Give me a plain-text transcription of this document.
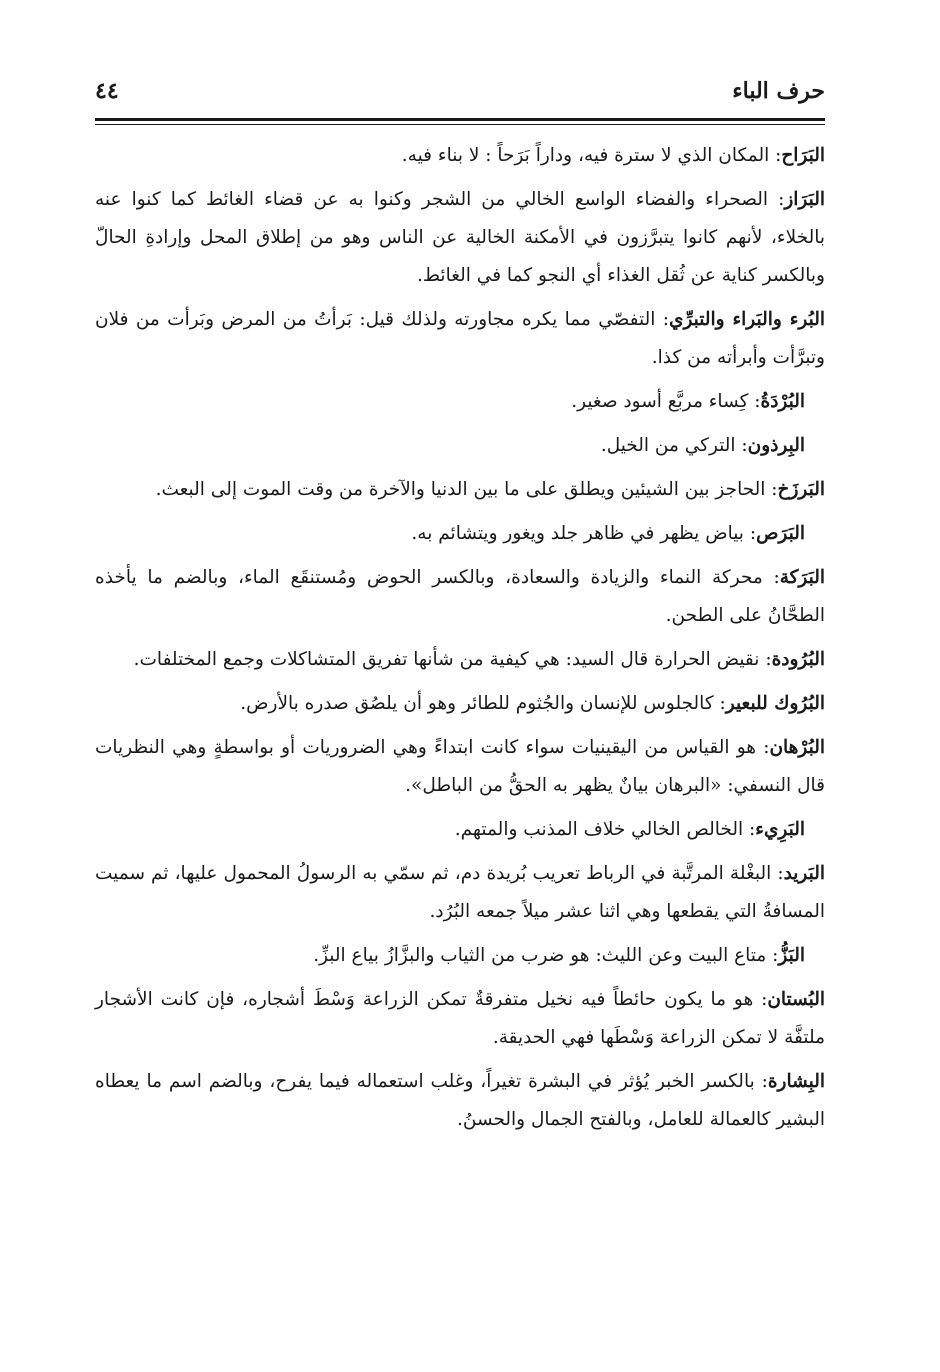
حرف الباء
٤٤

البَرَاح: المكان الذي لا سترة فيه، وداراً بَرَحاً : لا بناء فيه.

البَرَاز: الصحراء والفضاء الواسع الخالي من الشجر وكنوا به عن قضاء الغائط كما كنوا عنه بالخلاء، لأنهم كانوا يتبرَّزون في الأمكنة الخالية عن الناس وهو من إطلاق المحل وإرادةِ الحالّ وبالكسر كناية عن ثُقل الغذاء أي النجو كما في الغائط.

البُرء والبَراء والتبرِّي: التفصّي مما يكره مجاورته ولذلك قيل: بَرأتُ من المرض وبَرأت من فلان وتبرَّأت وأبرأته من كذا.

البُرْدَةُ: كِساء مربَّع أسود صغير.

البِرذون: التركي من الخيل.

البَرزَخ: الحاجز بين الشيئين ويطلق على ما بين الدنيا والآخرة من وقت الموت إلى البعث.

البَرَص: بياض يظهر في ظاهر جلد ويغور ويتشائم به.

البَرَكة: محركة النماء والزيادة والسعادة، وبالكسر الحوض ومُستنقَع الماء، وبالضم ما يأخذه الطحَّانُ على الطحن.

البُرُودة: نقيض الحرارة قال السيد: هي كيفية من شأنها تفريق المتشاكلات وجمع المختلفات.

البُرُوك للبعير: كالجلوس للإنسان والجُثوم للطائر وهو أن يلصُق صدره بالأرض.

البُرْهان: هو القياس من اليقينيات سواء كانت ابتداءً وهي الضروريات أو بواسطةٍ وهي النظريات قال النسفي: «البرهان بيانٌ يظهر به الحقُّ من الباطل».

البَرِيء: الخالص الخالي خلاف المذنب والمتهم.

البَريد: البغْلة المرتَّبة في الرباط تعريب بُريدة دم، ثم سمّي به الرسولُ المحمول عليها، ثم سميت المسافةُ التي يقطعها وهي اثنا عشر ميلاً جمعه البُرُد.

البَزُّ: متاع البيت وعن الليث: هو ضرب من الثياب والبزَّازُ بياع البزِّ.

البُستان: هو ما يكون حائطاً فيه نخيل متفرقةٌ تمكن الزراعة وَسْطَ أشجاره، فإن كانت الأشجار ملتفَّة لا تمكن الزراعة وَسْطَها فهي الحديقة.

البِشارة: بالكسر الخبر يُؤثر في البشرة تغيراً، وغلب استعماله فيما يفرح، وبالضم اسم ما يعطاه البشير كالعمالة للعامل، وبالفتح الجمال والحسنُ.
